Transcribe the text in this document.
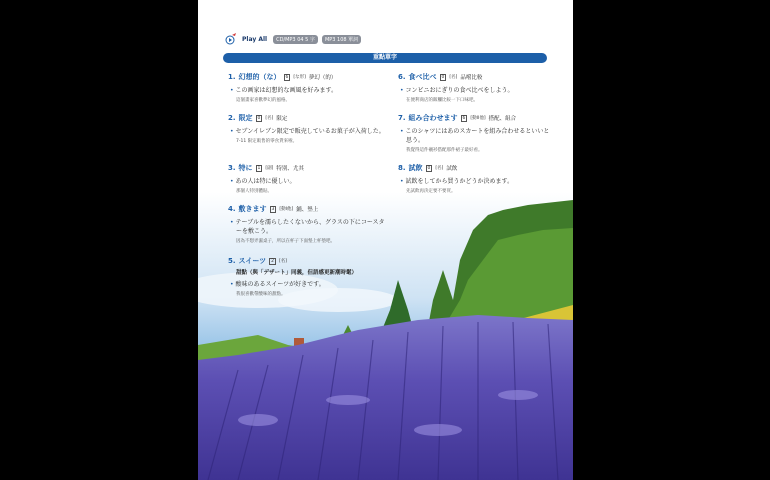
Play All	CD/MP3 04 5 字	MP3 108 單詞
重點單字
1. 幻想的（な）	6	[な形] 夢幻（的）
• この画家は幻想的な画風を好みます。
這個畫家喜歡夢幻的風格。
2. 限定	0	[名] 限定
• セブンイレブン限定で販売しているお菓子が入荷した。
7-11 限定販售的零食貨來啦。
3. 特に	1	[副] 特別、尤其
• あの人は特に優しい。
那個人特別體貼。
4. 敷きます	3	[動I他] 鋪、墊上
• テーブルを濡らしたくないから、グラスの下にコースターを敷こう。
因為不想弄濕桌子，所以在杯子下面墊上杯墊吧。
5. スイーツ	2	[名]
甜點（與「デザート」同義，但語感更新潮時髦）
• 酸味のあるスイーツが好きです。
我很喜歡帶酸味的甜點。
6. 食べ比べ	0	[名] 品嚐比較
• コンビニおにぎりの食べ比べをしよう。
在便利商店的飯糰比較一下口味吧。
7. 組み合わせます	6	[動II他] 搭配、組合
• このシャツにはあのスカートを組み合わせるといいと思う。
我覺得這件襯衫搭配那件裙子最好看。
8. 試飲	0	[名] 試飲
• 試飲をしてから買うかどうか決めます。
先試飲再決定要不要買。
